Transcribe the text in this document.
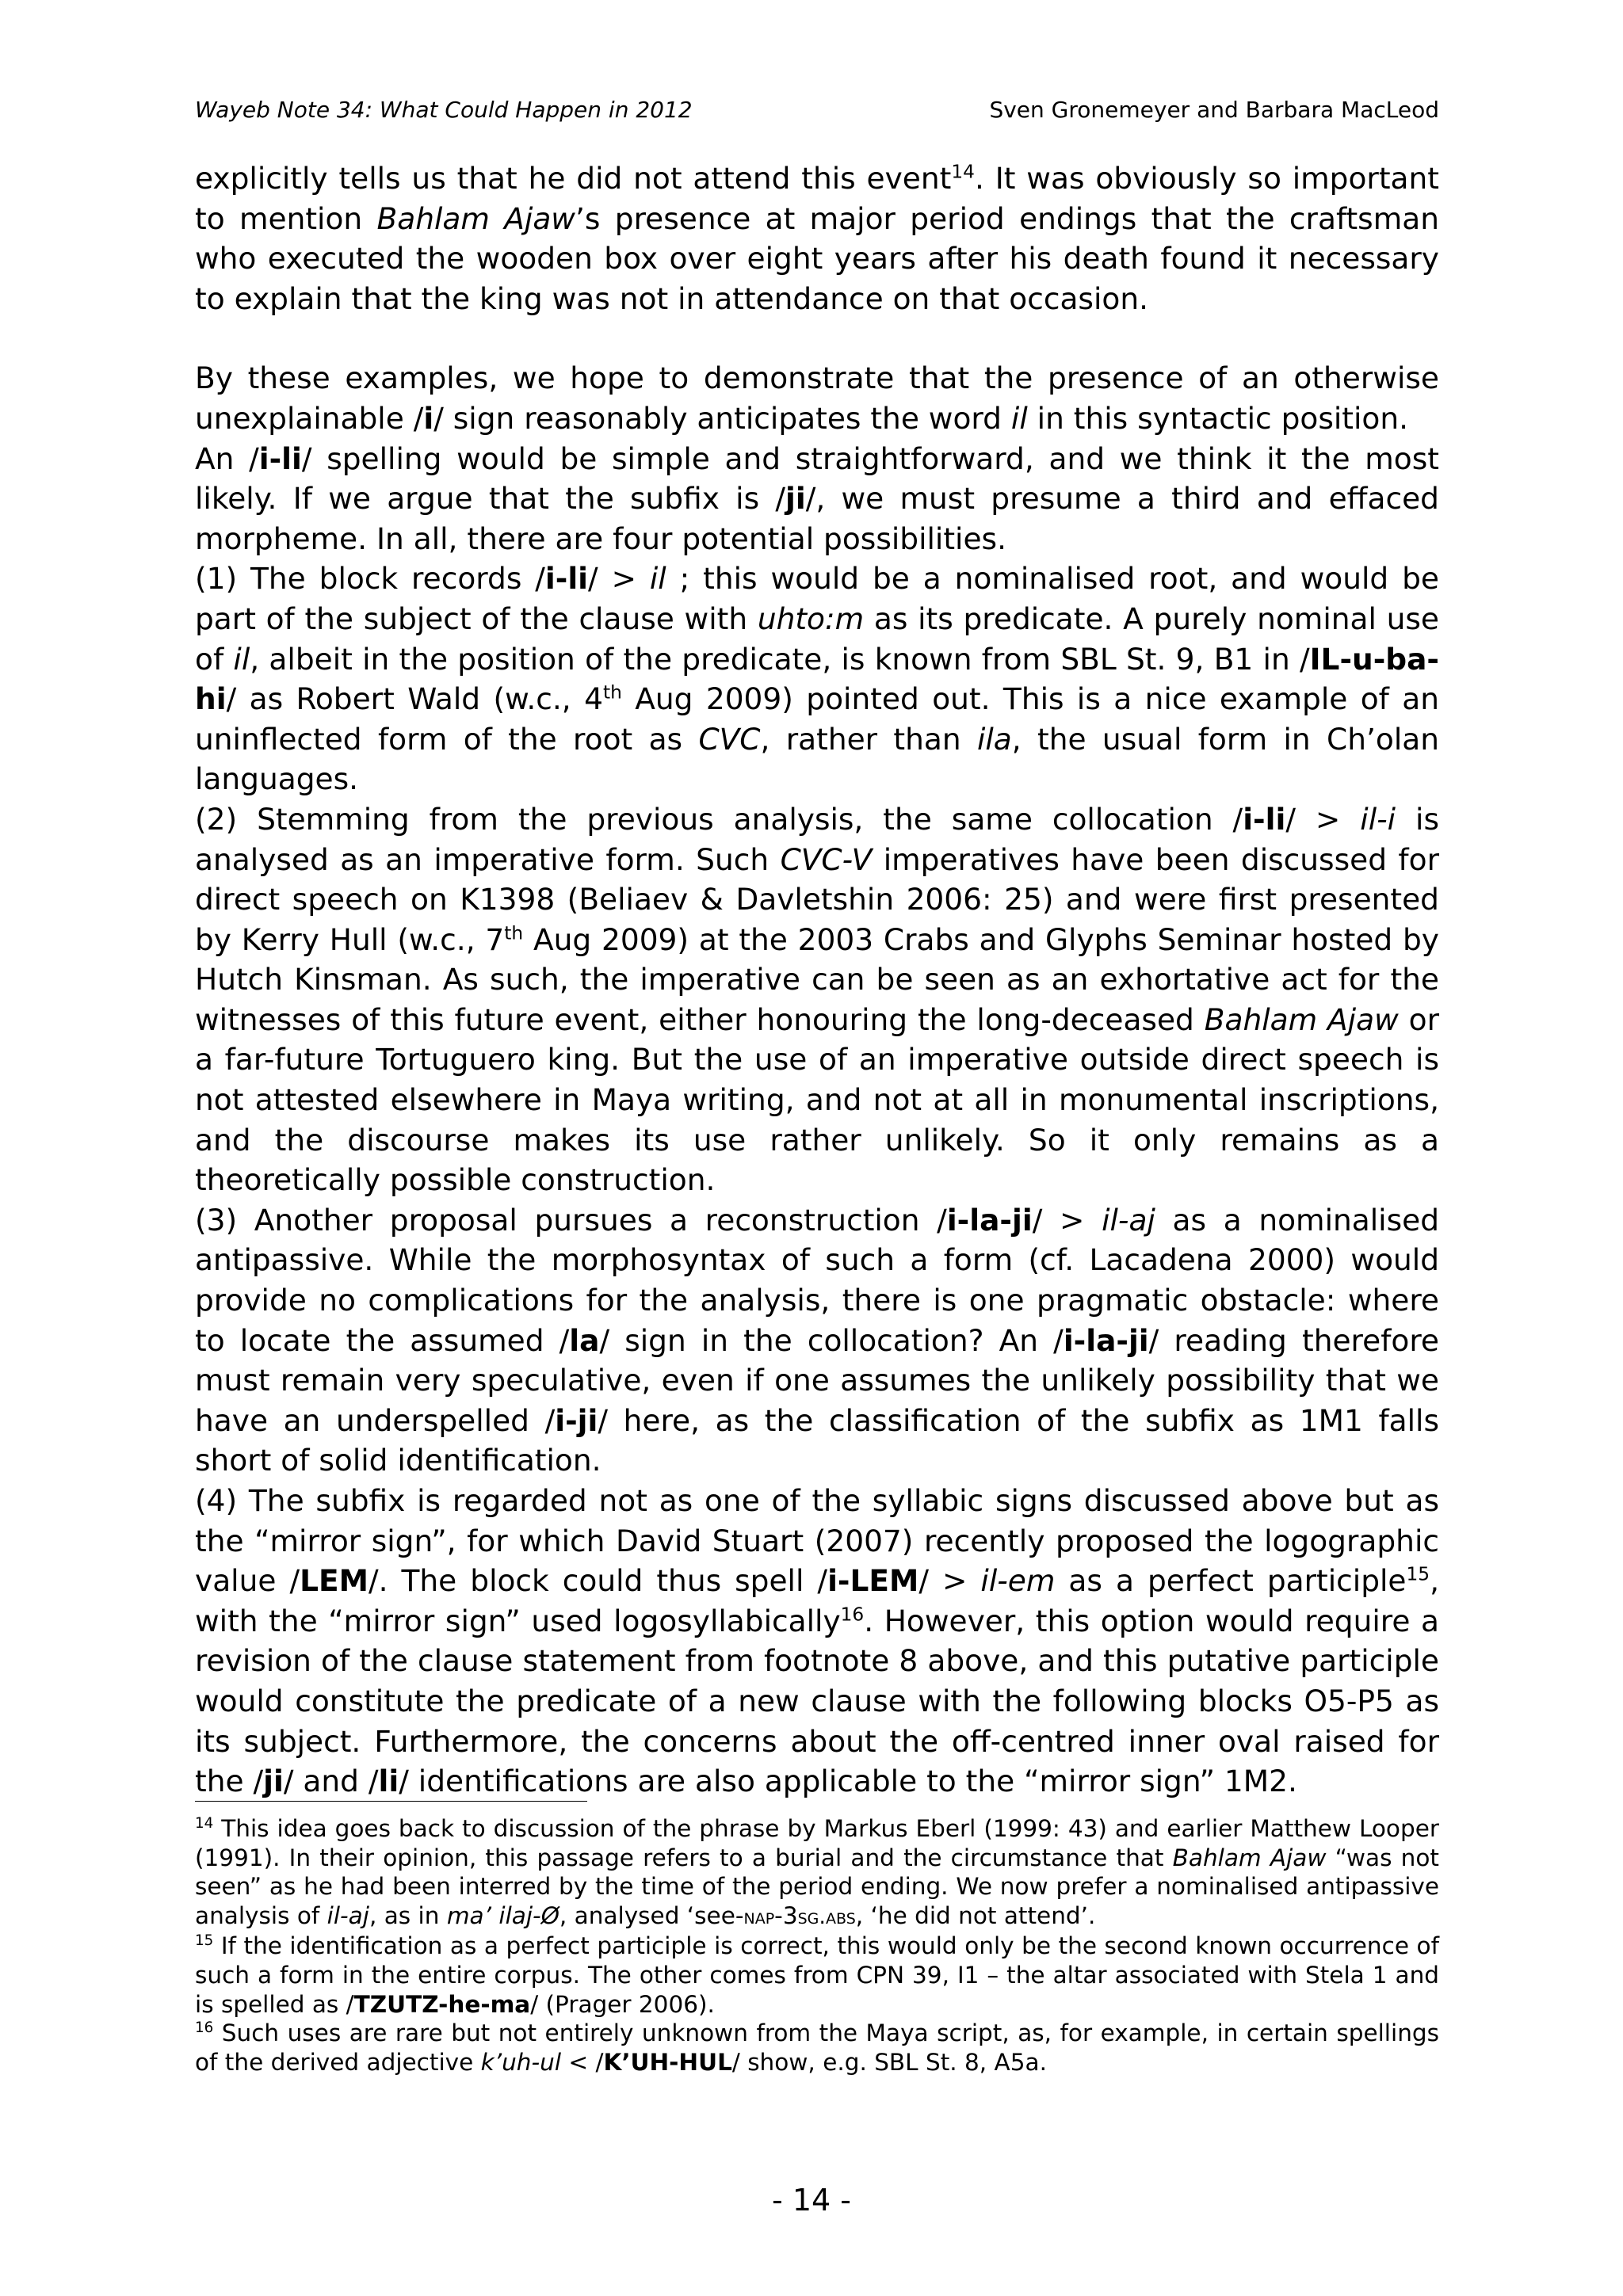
Wayeb Note 34: What Could Happen in 2012	Sven Gronemeyer and Barbara MacLeod

explicitly tells us that he did not attend this event$^{14}$. It was obviously so important to mention Bahlam Ajaw’s presence at major period endings that the craftsman who executed the wooden box over eight years after his death found it necessary to explain that the king was not in attendance on that occasion.

By these examples, we hope to demonstrate that the presence of an otherwise unexplainable /i/ sign reasonably anticipates the word il in this syntactic position.

An /i-li/ spelling would be simple and straightforward, and we think it the most likely. If we argue that the subfix is /ji/, we must presume a third and effaced morpheme. In all, there are four potential possibilities.

(1) The block records /i-li/ > il ; this would be a nominalised root, and would be part of the subject of the clause with uhto:m as its predicate. A purely nominal use of il, albeit in the position of the predicate, is known from SBL St. 9, B1 in /IL-u-ba-hi/ as Robert Wald (w.c., 4th Aug 2009) pointed out. This is a nice example of an uninflected form of the root as CVC, rather than ila, the usual form in Ch’olan languages.

(2) Stemming from the previous analysis, the same collocation /i-li/ > il-i is analysed as an imperative form. Such CVC-V imperatives have been discussed for direct speech on K1398 (Beliaev & Davletshin 2006: 25) and were first presented by Kerry Hull (w.c., 7th Aug 2009) at the 2003 Crabs and Glyphs Seminar hosted by Hutch Kinsman. As such, the imperative can be seen as an exhortative act for the witnesses of this future event, either honouring the long-deceased Bahlam Ajaw or a far-future Tortuguero king. But the use of an imperative outside direct speech is not attested elsewhere in Maya writing, and not at all in monumental inscriptions, and the discourse makes its use rather unlikely. So it only remains as a theoretically possible construction.

(3) Another proposal pursues a reconstruction /i-la-ji/ > il-aj as a nominalised antipassive. While the morphosyntax of such a form (cf. Lacadena 2000) would provide no complications for the analysis, there is one pragmatic obstacle: where to locate the assumed /la/ sign in the collocation? An /i-la-ji/ reading therefore must remain very speculative, even if one assumes the unlikely possibility that we have an underspelled /i-ji/ here, as the classification of the subfix as 1M1 falls short of solid identification.

(4) The subfix is regarded not as one of the syllabic signs discussed above but as the “mirror sign”, for which David Stuart (2007) recently proposed the logographic value /LEM/. The block could thus spell /i-LEM/ > il-em as a perfect participle$^{15}$, with the “mirror sign” used logosyllabically$^{16}$. However, this option would require a revision of the clause statement from footnote 8 above, and this putative participle would constitute the predicate of a new clause with the following blocks O5-P5 as its subject. Furthermore, the concerns about the off-centred inner oval raised for the /ji/ and /li/ identifications are also applicable to the “mirror sign” 1M2.

$^{14}$ This idea goes back to discussion of the phrase by Markus Eberl (1999: 43) and earlier Matthew Looper (1991). In their opinion, this passage refers to a burial and the circumstance that Bahlam Ajaw “was not seen” as he had been interred by the time of the period ending. We now prefer a nominalised antipassive analysis of il-aj, as in ma’ ilaj-Ø, analysed ‘see-nap-3sg.abs, ‘he did not attend’.

$^{15}$ If the identification as a perfect participle is correct, this would only be the second known occurrence of such a form in the entire corpus. The other comes from CPN 39, I1 – the altar associated with Stela 1 and is spelled as /TZUTZ-he-ma/ (Prager 2006).

$^{16}$ Such uses are rare but not entirely unknown from the Maya script, as, for example, in certain spellings of the derived adjective k’uh-ul < /K’UH-HUL/ show, e.g. SBL St. 8, A5a.

- 14 -
